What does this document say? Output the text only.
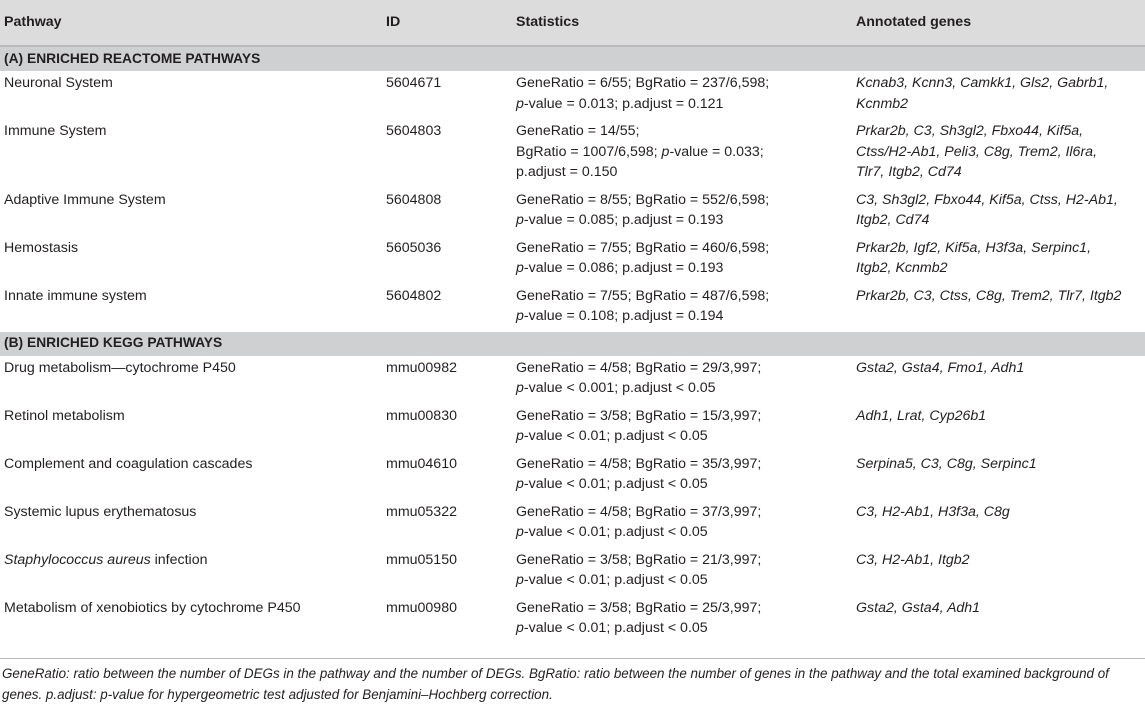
Pathway	ID	Statistics	Annotated genes
(A) ENRICHED REACTOME PATHWAYS			
Neuronal System	5604671	GeneRatio = 6/55; BgRatio = 237/6,598;
p-value = 0.013; p.adjust = 0.121	Kcnab3, Kcnn3, Camkk1, Gls2, Gabrb1,
Kcnmb2
Immune System	5604803	GeneRatio = 14/55;
BgRatio = 1007/6,598; p-value = 0.033;
p.adjust = 0.150	Prkar2b, C3, Sh3gl2, Fbxo44, Kif5a,
Ctss/H2-Ab1, Peli3, C8g, Trem2, Il6ra,
Tlr7, Itgb2, Cd74
Adaptive Immune System	5604808	GeneRatio = 8/55; BgRatio = 552/6,598;
p-value = 0.085; p.adjust = 0.193	C3, Sh3gl2, Fbxo44, Kif5a, Ctss, H2-Ab1,
Itgb2, Cd74
Hemostasis	5605036	GeneRatio = 7/55; BgRatio = 460/6,598;
p-value = 0.086; p.adjust = 0.193	Prkar2b, Igf2, Kif5a, H3f3a, Serpinc1,
Itgb2, Kcnmb2
Innate immune system	5604802	GeneRatio = 7/55; BgRatio = 487/6,598;
p-value = 0.108; p.adjust = 0.194	Prkar2b, C3, Ctss, C8g, Trem2, Tlr7, Itgb2
(B) ENRICHED KEGG PATHWAYS			
Drug metabolism—cytochrome P450	mmu00982	GeneRatio = 4/58; BgRatio = 29/3,997;
p-value < 0.001; p.adjust < 0.05	Gsta2, Gsta4, Fmo1, Adh1
Retinol metabolism	mmu00830	GeneRatio = 3/58; BgRatio = 15/3,997;
p-value < 0.01; p.adjust < 0.05	Adh1, Lrat, Cyp26b1
Complement and coagulation cascades	mmu04610	GeneRatio = 4/58; BgRatio = 35/3,997;
p-value < 0.01; p.adjust < 0.05	Serpina5, C3, C8g, Serpinc1
Systemic lupus erythematosus	mmu05322	GeneRatio = 4/58; BgRatio = 37/3,997;
p-value < 0.01; p.adjust < 0.05	C3, H2-Ab1, H3f3a, C8g
Staphylococcus aureus infection	mmu05150	GeneRatio = 3/58; BgRatio = 21/3,997;
p-value < 0.01; p.adjust < 0.05	C3, H2-Ab1, Itgb2
Metabolism of xenobiotics by cytochrome P450	mmu00980	GeneRatio = 3/58; BgRatio = 25/3,997;
p-value < 0.01; p.adjust < 0.05	Gsta2, Gsta4, Adh1
GeneRatio: ratio between the number of DEGs in the pathway and the number of DEGs. BgRatio: ratio between the number of genes in the pathway and the total examined background of genes. p.adjust: p-value for hypergeometric test adjusted for Benjamini–Hochberg correction.
